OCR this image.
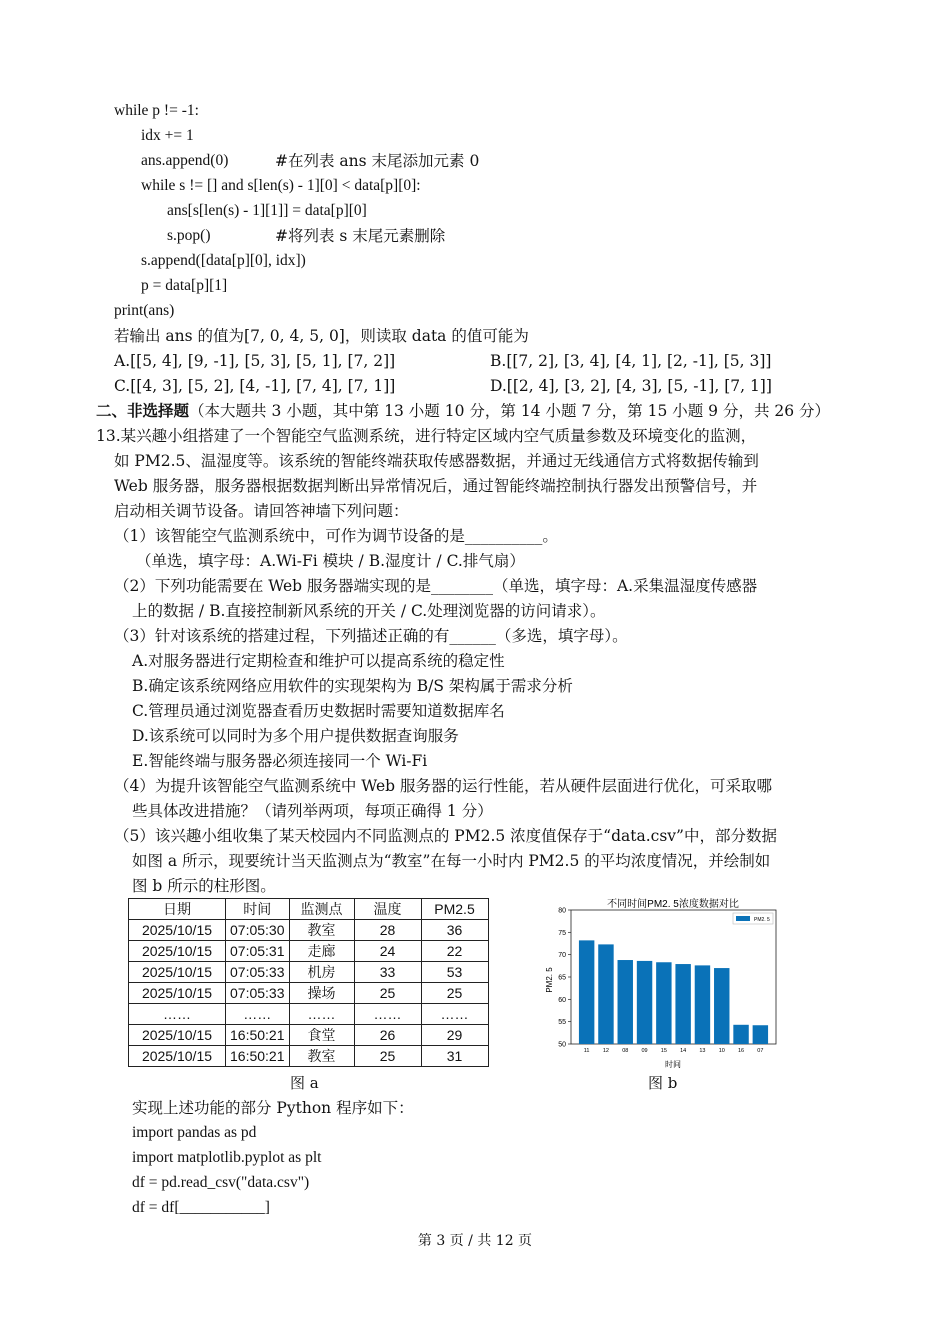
while p != -1:
idx += 1
ans.append(0)	#在列表 ans 末尾添加元素 0
while s != [] and s[len(s) - 1][0] < data[p][0]:
ans[s[len(s) - 1][1]] = data[p][0]
s.pop()	#将列表 s 末尾元素删除
s.append([data[p][0], idx])
p = data[p][1]
print(ans)
若输出 ans 的值为[7, 0, 4, 5, 0]，则读取 data 的值可能为
A.[[5, 4], [9, -1], [5, 3], [5, 1], [7, 2]]	B.[[7, 2], [3, 4], [4, 1], [2, -1], [5, 3]]
C.[[4, 3], [5, 2], [4, -1], [7, 4], [7, 1]]	D.[[2, 4], [3, 2], [4, 3], [5, -1], [7, 1]]
二、非选择题（本大题共 3 小题，其中第 13 小题 10 分，第 14 小题 7 分，第 15 小题 9 分，共 26 分）
13.某兴趣小组搭建了一个智能空气监测系统，进行特定区域内空气质量参数及环境变化的监测，
如 PM2.5、温湿度等。该系统的智能终端获取传感器数据，并通过无线通信方式将数据传输到
Web 服务器，服务器根据数据判断出异常情况后，通过智能终端控制执行器发出预警信号，并
启动相关调节设备。请回答神墙下列问题：
（1）该智能空气监测系统中，可作为调节设备的是__________。
（单选，填字母：A.Wi-Fi 模块 / B.湿度计 / C.排气扇）
（2）下列功能需要在 Web 服务器端实现的是________（单选，填字母：A.采集温湿度传感器
上的数据 / B.直接控制新风系统的开关 / C.处理浏览器的访问请求）。
（3）针对该系统的搭建过程，下列描述正确的有______（多选，填字母）。
A.对服务器进行定期检查和维护可以提高系统的稳定性
B.确定该系统网络应用软件的实现架构为 B/S 架构属于需求分析
C.管理员通过浏览器查看历史数据时需要知道数据库名
D.该系统可以同时为多个用户提供数据查询服务
E.智能终端与服务器必须连接同一个 Wi-Fi
（4）为提升该智能空气监测系统中 Web 服务器的运行性能，若从硬件层面进行优化，可采取哪
些具体改进措施？（请列举两项，每项正确得 1 分）
（5）该兴趣小组收集了某天校园内不同监测点的 PM2.5 浓度值保存于“data.csv”中，部分数据
如图 a 所示，现要统计当天监测点为“教室”在每一小时内 PM2.5 的平均浓度情况，并绘制如
图 b 所示的柱形图。
日期	时间	监测点	温度	PM2.5
2025/10/15	07:05:30	教室	28	36
2025/10/15	07:05:31	走廊	24	22
2025/10/15	07:05:33	机房	33	53
2025/10/15	07:05:33	操场	25	25
……	……	……	……	……
2025/10/15	16:50:21	食堂	26	29
2025/10/15	16:50:21	教室	25	31
图 a
不同时间PM2. 5浓度数据对比
时间
PM2. 5
50
55
60
65
70
75
80
11 12 08 09 15 14 13 10 16 07
PM2. 5
图 b
实现上述功能的部分 Python 程序如下：
import pandas as pd
import matplotlib.pyplot as plt
df = pd.read_csv("data.csv")
df = df[___________]
第 3 页 / 共 12 页
